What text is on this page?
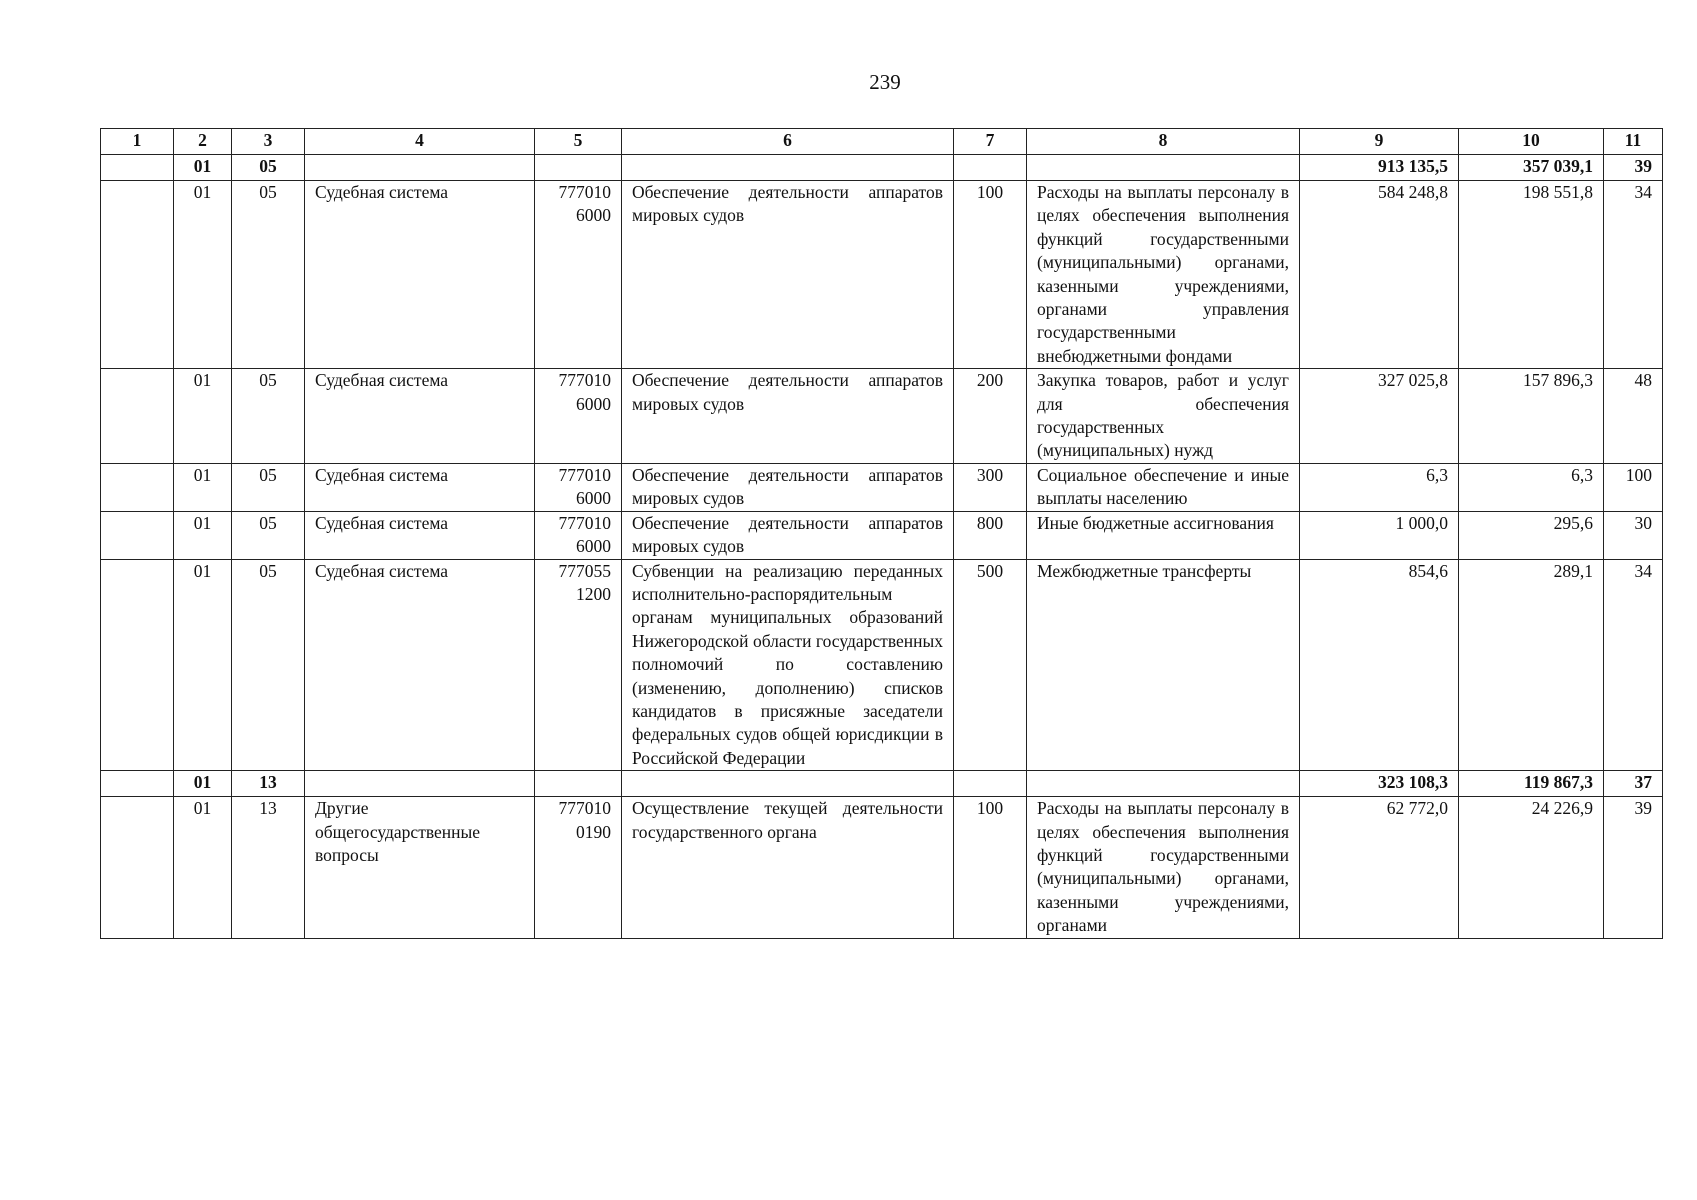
239
1	2	3	4	5	6	7	8	9	10	11
	01	05						913 135,5	357 039,1	39
	01	05	Судебная система	777010 6000	Обеспечение деятельности аппаратов мировых судов	100	Расходы на выплаты персоналу в целях обеспечения выполнения функций государственными (муниципальными) органами, казенными учреждениями, органами управления государственными внебюджетными фондами	584 248,8	198 551,8	34
	01	05	Судебная система	777010 6000	Обеспечение деятельности аппаратов мировых судов	200	Закупка товаров, работ и услуг для обеспечения государственных (муниципальных) нужд	327 025,8	157 896,3	48
	01	05	Судебная система	777010 6000	Обеспечение деятельности аппаратов мировых судов	300	Социальное обеспечение и иные выплаты населению	6,3	6,3	100
	01	05	Судебная система	777010 6000	Обеспечение деятельности аппаратов мировых судов	800	Иные бюджетные ассигнования	1 000,0	295,6	30
	01	05	Судебная система	777055 1200	Субвенции на реализацию переданных исполнительно-распорядительным органам муниципальных образований Нижегородской области государственных полномочий по составлению (изменению, дополнению) списков кандидатов в присяжные заседатели федеральных судов общей юрисдикции в Российской Федерации	500	Межбюджетные трансферты	854,6	289,1	34
	01	13						323 108,3	119 867,3	37
	01	13	Другие общегосударственные вопросы	777010 0190	Осуществление текущей деятельности государственного органа	100	Расходы на выплаты персоналу в целях обеспечения выполнения функций государственными (муниципальными) органами, казенными учреждениями, органами	62 772,0	24 226,9	39
